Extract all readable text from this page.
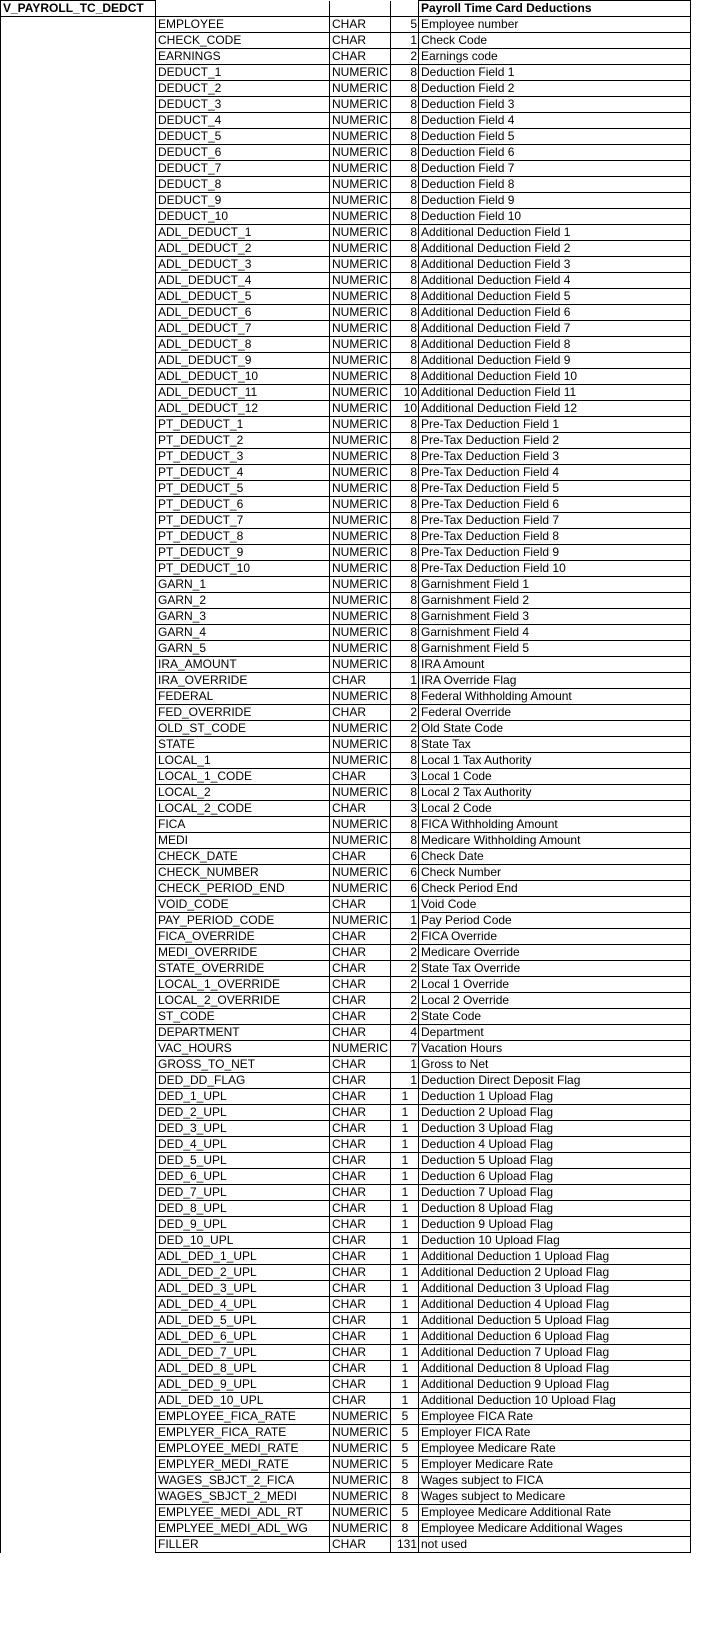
V_PAYROLL_TC_DEDCT				Payroll Time Card Deductions
	EMPLOYEE	CHAR	5	Employee number
	CHECK_CODE	CHAR	1	Check Code
	EARNINGS	CHAR	2	Earnings code
	DEDUCT_1	NUMERIC	8	Deduction Field 1
	DEDUCT_2	NUMERIC	8	Deduction Field 2
	DEDUCT_3	NUMERIC	8	Deduction Field 3
	DEDUCT_4	NUMERIC	8	Deduction Field 4
	DEDUCT_5	NUMERIC	8	Deduction Field 5
	DEDUCT_6	NUMERIC	8	Deduction Field 6
	DEDUCT_7	NUMERIC	8	Deduction Field 7
	DEDUCT_8	NUMERIC	8	Deduction Field 8
	DEDUCT_9	NUMERIC	8	Deduction Field 9
	DEDUCT_10	NUMERIC	8	Deduction Field 10
	ADL_DEDUCT_1	NUMERIC	8	Additional Deduction Field 1
	ADL_DEDUCT_2	NUMERIC	8	Additional Deduction Field 2
	ADL_DEDUCT_3	NUMERIC	8	Additional Deduction Field 3
	ADL_DEDUCT_4	NUMERIC	8	Additional Deduction Field 4
	ADL_DEDUCT_5	NUMERIC	8	Additional Deduction Field 5
	ADL_DEDUCT_6	NUMERIC	8	Additional Deduction Field 6
	ADL_DEDUCT_7	NUMERIC	8	Additional Deduction Field 7
	ADL_DEDUCT_8	NUMERIC	8	Additional Deduction Field 8
	ADL_DEDUCT_9	NUMERIC	8	Additional Deduction Field 9
	ADL_DEDUCT_10	NUMERIC	8	Additional Deduction Field 10
	ADL_DEDUCT_11	NUMERIC	10	Additional Deduction Field 11
	ADL_DEDUCT_12	NUMERIC	10	Additional Deduction Field 12
	PT_DEDUCT_1	NUMERIC	8	Pre-Tax Deduction Field 1
	PT_DEDUCT_2	NUMERIC	8	Pre-Tax Deduction Field 2
	PT_DEDUCT_3	NUMERIC	8	Pre-Tax Deduction Field 3
	PT_DEDUCT_4	NUMERIC	8	Pre-Tax Deduction Field 4
	PT_DEDUCT_5	NUMERIC	8	Pre-Tax Deduction Field 5
	PT_DEDUCT_6	NUMERIC	8	Pre-Tax Deduction Field 6
	PT_DEDUCT_7	NUMERIC	8	Pre-Tax Deduction Field 7
	PT_DEDUCT_8	NUMERIC	8	Pre-Tax Deduction Field 8
	PT_DEDUCT_9	NUMERIC	8	Pre-Tax Deduction Field 9
	PT_DEDUCT_10	NUMERIC	8	Pre-Tax Deduction Field 10
	GARN_1	NUMERIC	8	Garnishment Field 1
	GARN_2	NUMERIC	8	Garnishment Field 2
	GARN_3	NUMERIC	8	Garnishment Field 3
	GARN_4	NUMERIC	8	Garnishment Field 4
	GARN_5	NUMERIC	8	Garnishment Field 5
	IRA_AMOUNT	NUMERIC	8	IRA Amount
	IRA_OVERRIDE	CHAR	1	IRA Override Flag
	FEDERAL	NUMERIC	8	Federal Withholding Amount
	FED_OVERRIDE	CHAR	2	Federal Override
	OLD_ST_CODE	NUMERIC	2	Old State Code
	STATE	NUMERIC	8	State Tax
	LOCAL_1	NUMERIC	8	Local 1 Tax Authority
	LOCAL_1_CODE	CHAR	3	Local 1 Code
	LOCAL_2	NUMERIC	8	Local 2 Tax Authority
	LOCAL_2_CODE	CHAR	3	Local 2 Code
	FICA	NUMERIC	8	FICA Withholding Amount
	MEDI	NUMERIC	8	Medicare Withholding Amount
	CHECK_DATE	CHAR	6	Check Date
	CHECK_NUMBER	NUMERIC	6	Check Number
	CHECK_PERIOD_END	NUMERIC	6	Check Period End
	VOID_CODE	CHAR	1	Void Code
	PAY_PERIOD_CODE	NUMERIC	1	Pay Period Code
	FICA_OVERRIDE	CHAR	2	FICA Override
	MEDI_OVERRIDE	CHAR	2	Medicare Override
	STATE_OVERRIDE	CHAR	2	State Tax Override
	LOCAL_1_OVERRIDE	CHAR	2	Local 1 Override
	LOCAL_2_OVERRIDE	CHAR	2	Local 2 Override
	ST_CODE	CHAR	2	State Code
	DEPARTMENT	CHAR	4	Department
	VAC_HOURS	NUMERIC	7	Vacation Hours
	GROSS_TO_NET	CHAR	1	Gross to Net
	DED_DD_FLAG	CHAR	1	Deduction Direct Deposit Flag
	DED_1_UPL	CHAR	1	Deduction 1 Upload Flag
	DED_2_UPL	CHAR	1	Deduction 2 Upload Flag
	DED_3_UPL	CHAR	1	Deduction 3 Upload Flag
	DED_4_UPL	CHAR	1	Deduction 4 Upload Flag
	DED_5_UPL	CHAR	1	Deduction 5 Upload Flag
	DED_6_UPL	CHAR	1	Deduction 6 Upload Flag
	DED_7_UPL	CHAR	1	Deduction 7 Upload Flag
	DED_8_UPL	CHAR	1	Deduction 8 Upload Flag
	DED_9_UPL	CHAR	1	Deduction 9 Upload Flag
	DED_10_UPL	CHAR	1	Deduction 10 Upload Flag
	ADL_DED_1_UPL	CHAR	1	Additional Deduction 1 Upload Flag
	ADL_DED_2_UPL	CHAR	1	Additional Deduction 2 Upload Flag
	ADL_DED_3_UPL	CHAR	1	Additional Deduction 3 Upload Flag
	ADL_DED_4_UPL	CHAR	1	Additional Deduction 4 Upload Flag
	ADL_DED_5_UPL	CHAR	1	Additional Deduction 5 Upload Flag
	ADL_DED_6_UPL	CHAR	1	Additional Deduction 6 Upload Flag
	ADL_DED_7_UPL	CHAR	1	Additional Deduction 7 Upload Flag
	ADL_DED_8_UPL	CHAR	1	Additional Deduction 8 Upload Flag
	ADL_DED_9_UPL	CHAR	1	Additional Deduction 9 Upload Flag
	ADL_DED_10_UPL	CHAR	1	Additional Deduction 10 Upload Flag
	EMPLOYEE_FICA_RATE	NUMERIC	5	Employee FICA Rate
	EMPLYER_FICA_RATE	NUMERIC	5	Employer FICA Rate
	EMPLOYEE_MEDI_RATE	NUMERIC	5	Employee Medicare Rate
	EMPLYER_MEDI_RATE	NUMERIC	5	Employer Medicare Rate
	WAGES_SBJCT_2_FICA	NUMERIC	8	Wages subject to FICA
	WAGES_SBJCT_2_MEDI	NUMERIC	8	Wages subject to Medicare
	EMPLYEE_MEDI_ADL_RT	NUMERIC	5	Employee Medicare Additional Rate
	EMPLYEE_MEDI_ADL_WG	NUMERIC	8	Employee Medicare Additional Wages
	FILLER	CHAR	131	not used
